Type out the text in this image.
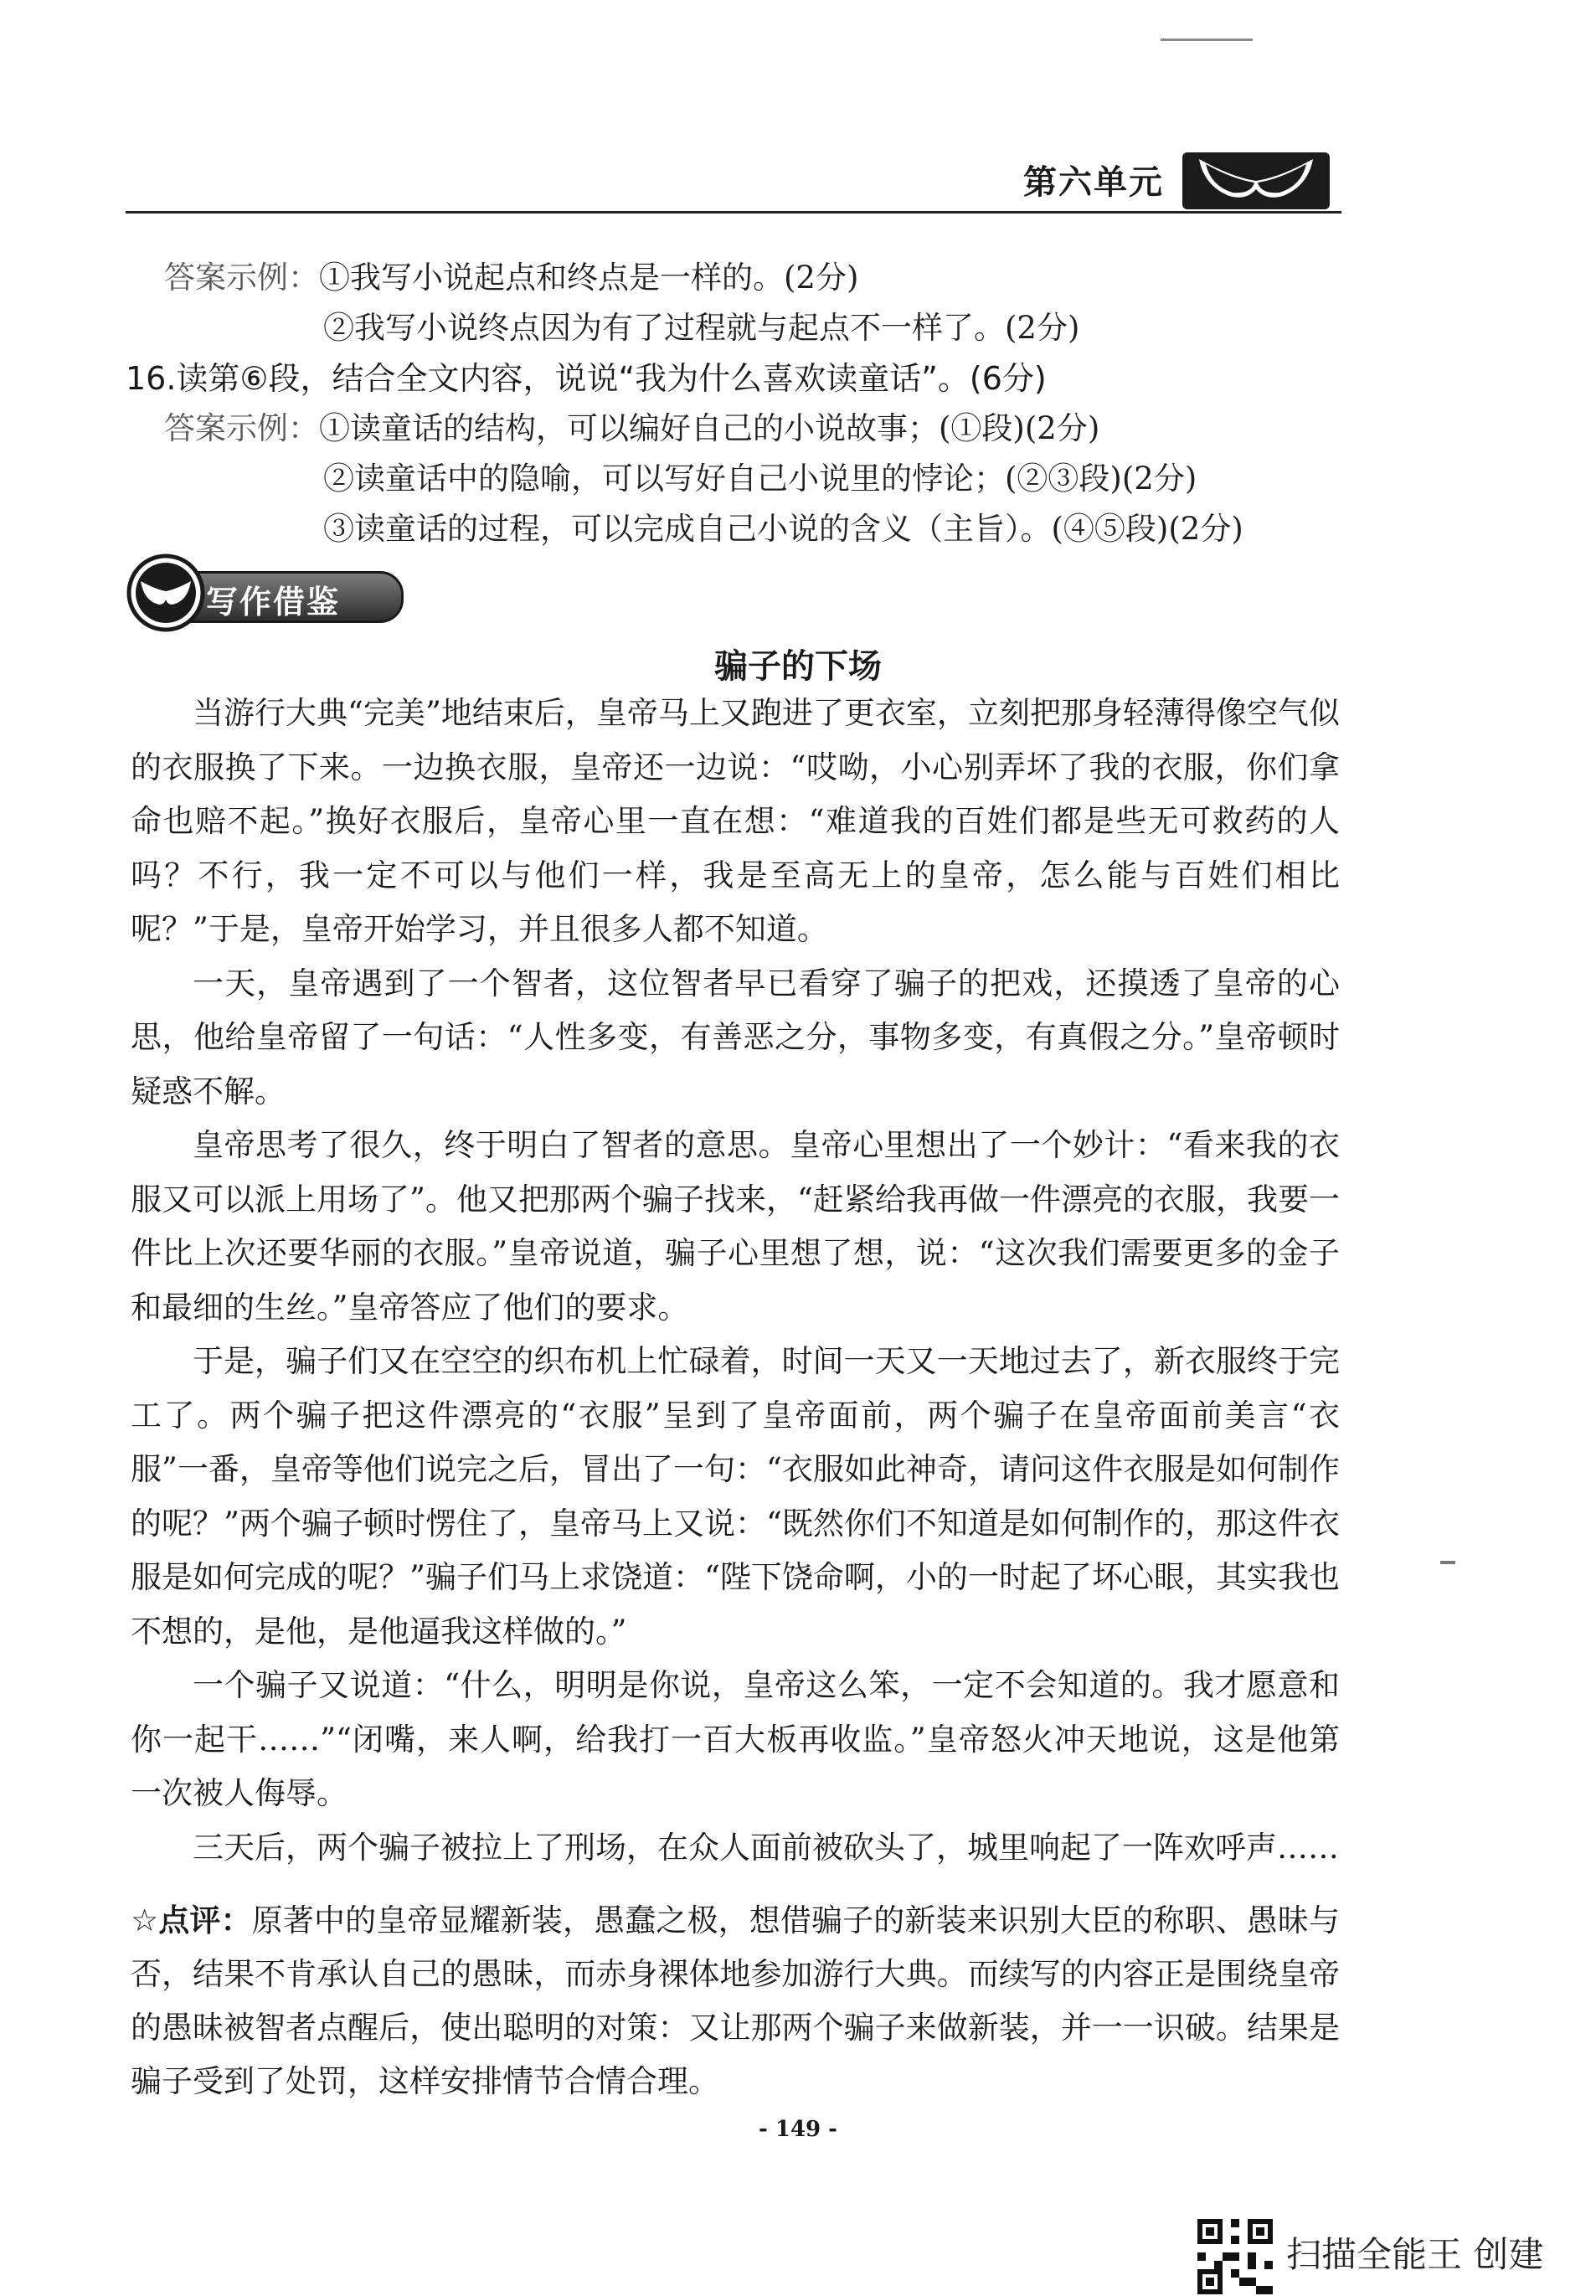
第六单元
答案示例：①我写小说起点和终点是一样的。(2分)
②我写小说终点因为有了过程就与起点不一样了。(2分)
16.读第⑥段，结合全文内容，说说“我为什么喜欢读童话”。(6分)
答案示例：①读童话的结构，可以编好自己的小说故事；(①段)(2分)
②读童话中的隐喻，可以写好自己小说里的悖论；(②③段)(2分)
③读童话的过程，可以完成自己小说的含义（主旨）。(④⑤段)(2分)
写作借鉴
骗子的下场

当游行大典“完美”地结束后，皇帝马上又跑进了更衣室，立刻把那身轻薄得像空气似的衣服换了下来。一边换衣服，皇帝还一边说：“哎呦，小心别弄坏了我的衣服，你们拿命也赔不起。”换好衣服后，皇帝心里一直在想：“难道我的百姓们都是些无可救药的人吗？不行，我一定不可以与他们一样，我是至高无上的皇帝，怎么能与百姓们相比呢？”于是，皇帝开始学习，并且很多人都不知道。

一天，皇帝遇到了一个智者，这位智者早已看穿了骗子的把戏，还摸透了皇帝的心思，他给皇帝留了一句话：“人性多变，有善恶之分，事物多变，有真假之分。”皇帝顿时疑惑不解。

皇帝思考了很久，终于明白了智者的意思。皇帝心里想出了一个妙计：“看来我的衣服又可以派上用场了”。他又把那两个骗子找来，“赶紧给我再做一件漂亮的衣服，我要一件比上次还要华丽的衣服。”皇帝说道，骗子心里想了想，说：“这次我们需要更多的金子和最细的生丝。”皇帝答应了他们的要求。

于是，骗子们又在空空的织布机上忙碌着，时间一天又一天地过去了，新衣服终于完工了。两个骗子把这件漂亮的“衣服”呈到了皇帝面前，两个骗子在皇帝面前美言“衣服”一番，皇帝等他们说完之后，冒出了一句：“衣服如此神奇，请问这件衣服是如何制作的呢？”两个骗子顿时愣住了，皇帝马上又说：“既然你们不知道是如何制作的，那这件衣服是如何完成的呢？”骗子们马上求饶道：“陛下饶命啊，小的一时起了坏心眼，其实我也不想的，是他，是他逼我这样做的。”

一个骗子又说道：“什么，明明是你说，皇帝这么笨，一定不会知道的。我才愿意和你一起干……”“闭嘴，来人啊，给我打一百大板再收监。”皇帝怒火冲天地说，这是他第一次被人侮辱。

三天后，两个骗子被拉上了刑场，在众人面前被砍头了，城里响起了一阵欢呼声……

☆点评：原著中的皇帝显耀新装，愚蠢之极，想借骗子的新装来识别大臣的称职、愚昧与否，结果不肯承认自己的愚昧，而赤身裸体地参加游行大典。而续写的内容正是围绕皇帝的愚昧被智者点醒后，使出聪明的对策：又让那两个骗子来做新装，并一一识破。结果是骗子受到了处罚，这样安排情节合情合理。
- 149 -
扫描全能王 创建
